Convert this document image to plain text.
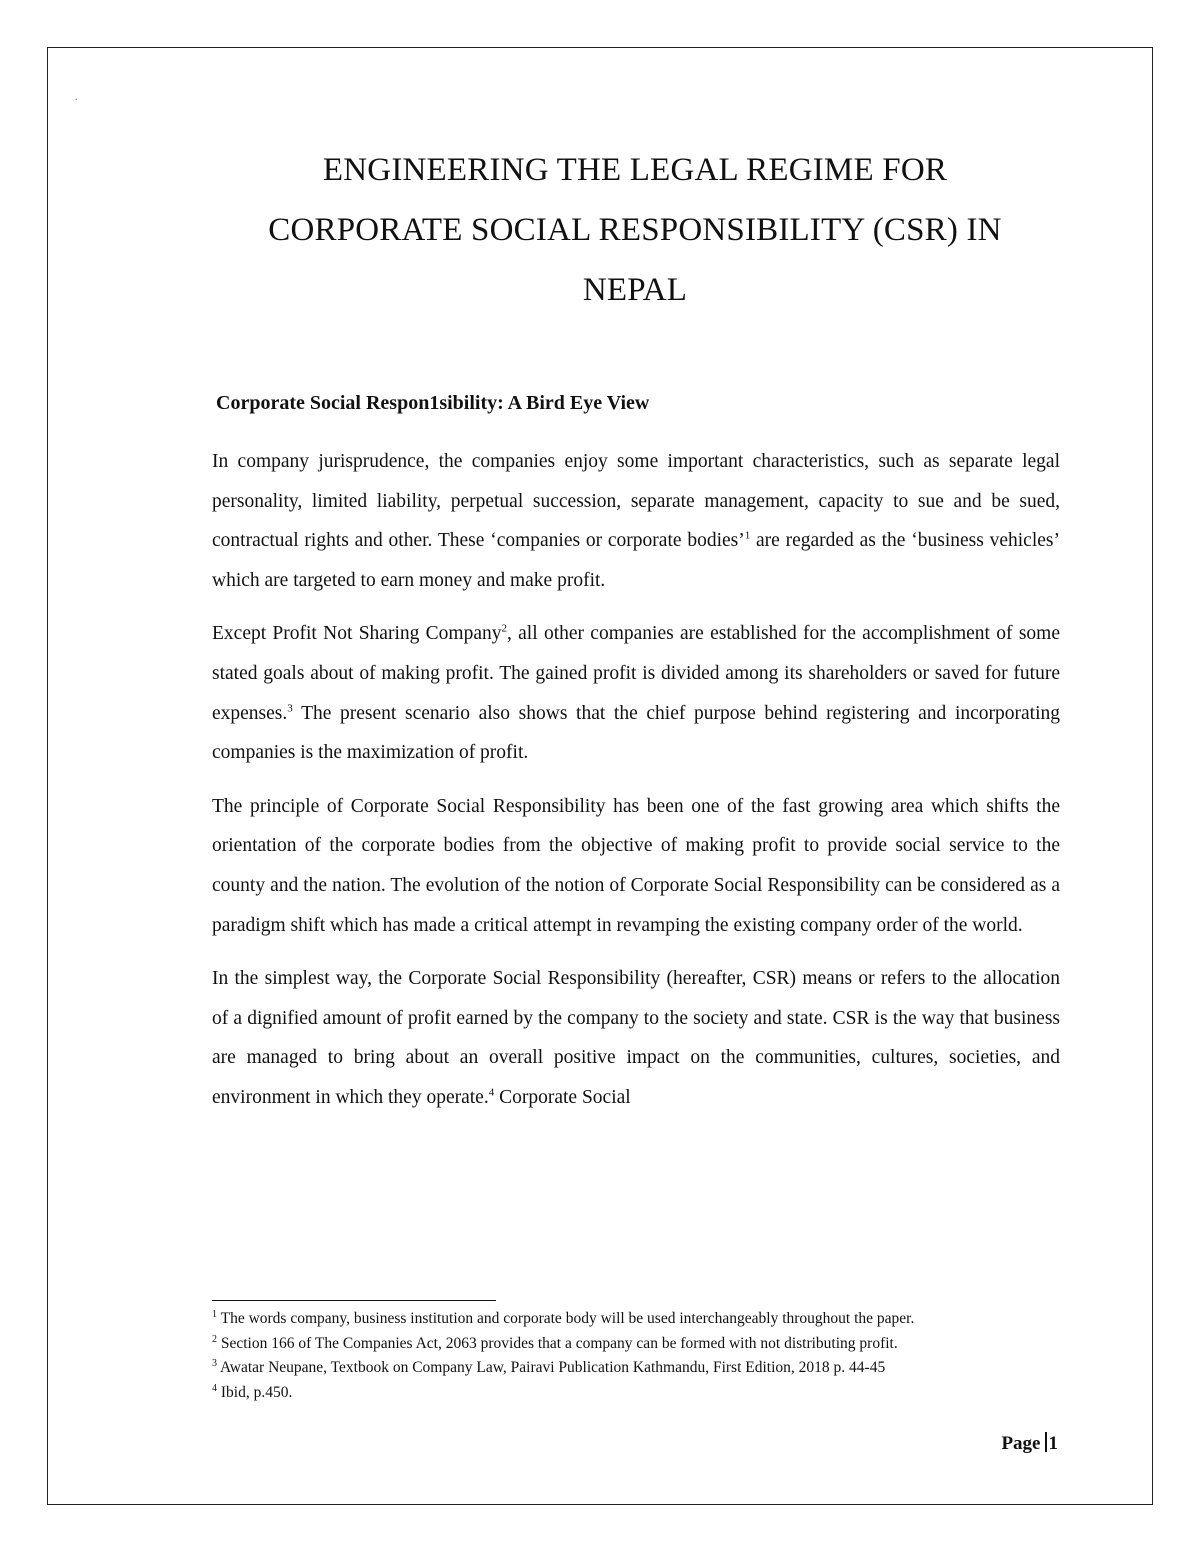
.
ENGINEERING THE LEGAL REGIME FOR
CORPORATE SOCIAL RESPONSIBILITY (CSR) IN
NEPAL
Corporate Social Respon1sibility: A Bird Eye View

In company jurisprudence, the companies enjoy some important characteristics, such as separate legal personality, limited liability, perpetual succession, separate management, capacity to sue and be sued, contractual rights and other. These ‘companies or corporate bodies’$^1$ are regarded as the ‘business vehicles’ which are targeted to earn money and make profit.

Except Profit Not Sharing Company$^2$, all other companies are established for the accomplishment of some stated goals about of making profit. The gained profit is divided among its shareholders or saved for future expenses.$^3$ The present scenario also shows that the chief purpose behind registering and incorporating companies is the maximization of profit.

The principle of Corporate Social Responsibility has been one of the fast growing area which shifts the orientation of the corporate bodies from the objective of making profit to provide social service to the county and the nation. The evolution of the notion of Corporate Social Responsibility can be considered as a paradigm shift which has made a critical attempt in revamping the existing company order of the world.

In the simplest way, the Corporate Social Responsibility (hereafter, CSR) means or refers to the allocation of a dignified amount of profit earned by the company to the society and state. CSR is the way that business are managed to bring about an overall positive impact on the communities, cultures, societies, and environment in which they operate.$^4$ Corporate Social

$^1$ The words company, business institution and corporate body will be used interchangeably throughout the paper.
$^2$ Section 166 of The Companies Act, 2063 provides that a company can be formed with not distributing profit.
$^3$ Awatar Neupane, Textbook on Company Law, Pairavi Publication Kathmandu, First Edition, 2018 p. 44-45
$^4$ Ibid, p.450.
Page 1
